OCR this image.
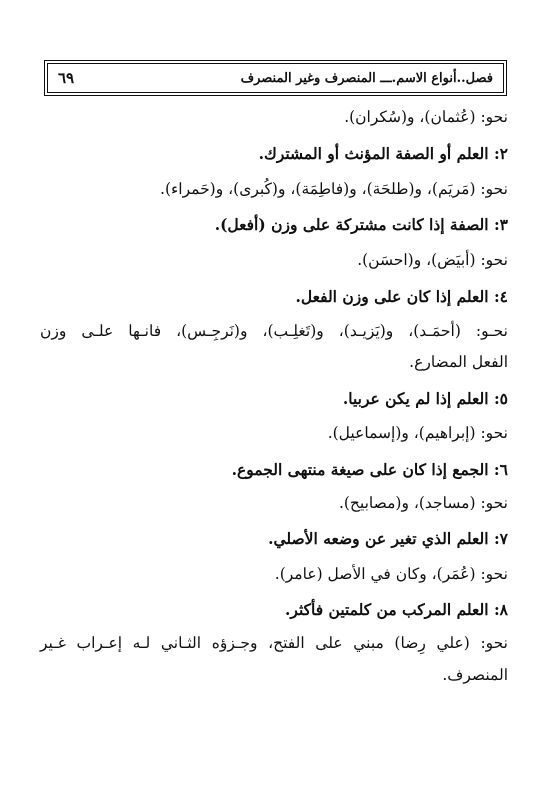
فصل..أنواع الاسم.ـــ المنصرف وغير المنصرف
٦٩
نحو: (عُثمان)، و(سُكران).
٢: العلم أو الصفة المؤنث أو المشترك.
نحو: (مَريَم)، و(طلحَة)، و(فاطِمَة)، و(كُبرى)، و(حَمراء).
٣: الصفة إذا كانت مشتركة على وزن (أفعل).
نحو: (أبيَض)، و(احسَن).
٤: العلم إذا كان على وزن الفعل.
نحـو: (أحمَـد)، و(يَزيـد)، و(تَغلِـب)، و(نَرجِـس)، فانـها علـى وزن
الفعل المضارع.
٥: العلم إذا لم يكن عربيا.
نحو: (إبراهيم)، و(إسماعيل).
٦: الجمع إذا كان على صيغة منتهى الجموع.
نحو: (مساجد)، و(مصابيح).
٧: العلم الذي تغير عن وضعه الأصلي.
نحو: (عُمَر)، وكان في الأصل (عامر).
٨: العلم المركب من كلمتين فأكثر.
نحو: (علي رِضا) مبني على الفتح، وجـزؤه الثـاني لـه إعـراب غـير
المنصرف.
